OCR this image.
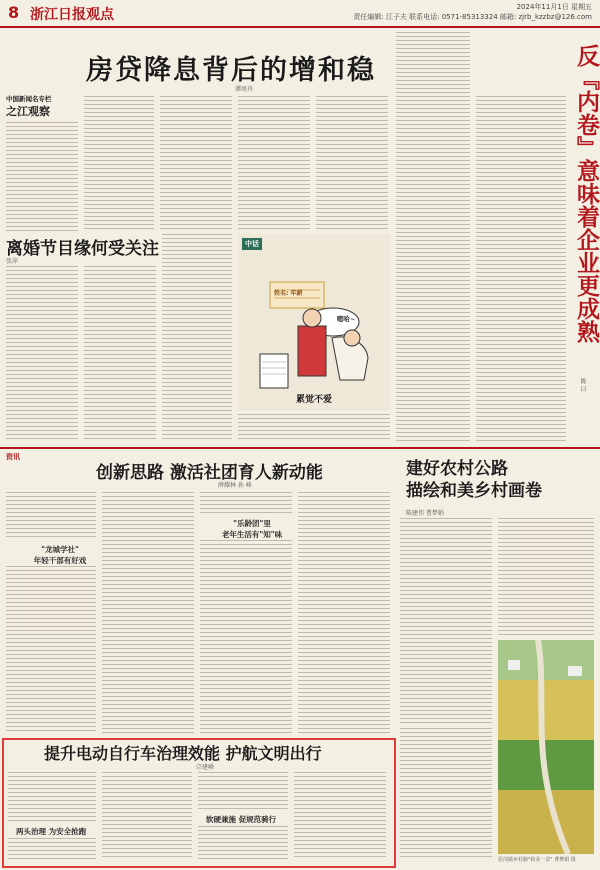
8 浙江日报 观点	2024年11月1日 星期五
责任编辑: 江子夫 联系电话: 0571-85313324 邮箱: zjrb_kzzbz@126.com
房贷降息背后的增和稳
谭周舟
中国新闻名专栏
之江观察	反『内卷』意味着企业更成熟
陈 曰
离婚节目缘何受关注
张萍
中话
嗯哈~
姓名: 年薪
累觉不爱
资讯
创新思路 激活社团育人新动能
薛耀林 孙 峰
"龙城学社"
年轻干部有好戏
"乐龄团"里
老年生活有"知"味
建好农村公路
描绘和美乡村画卷
陈建伟 曹梦娟
昆岗镇乡村路"和美一景" 曹梦娟 摄
提升电动自行车治理效能 护航文明出行
宗建峰
两头治理 为安全抢跑
软硬兼施 促规范骑行
